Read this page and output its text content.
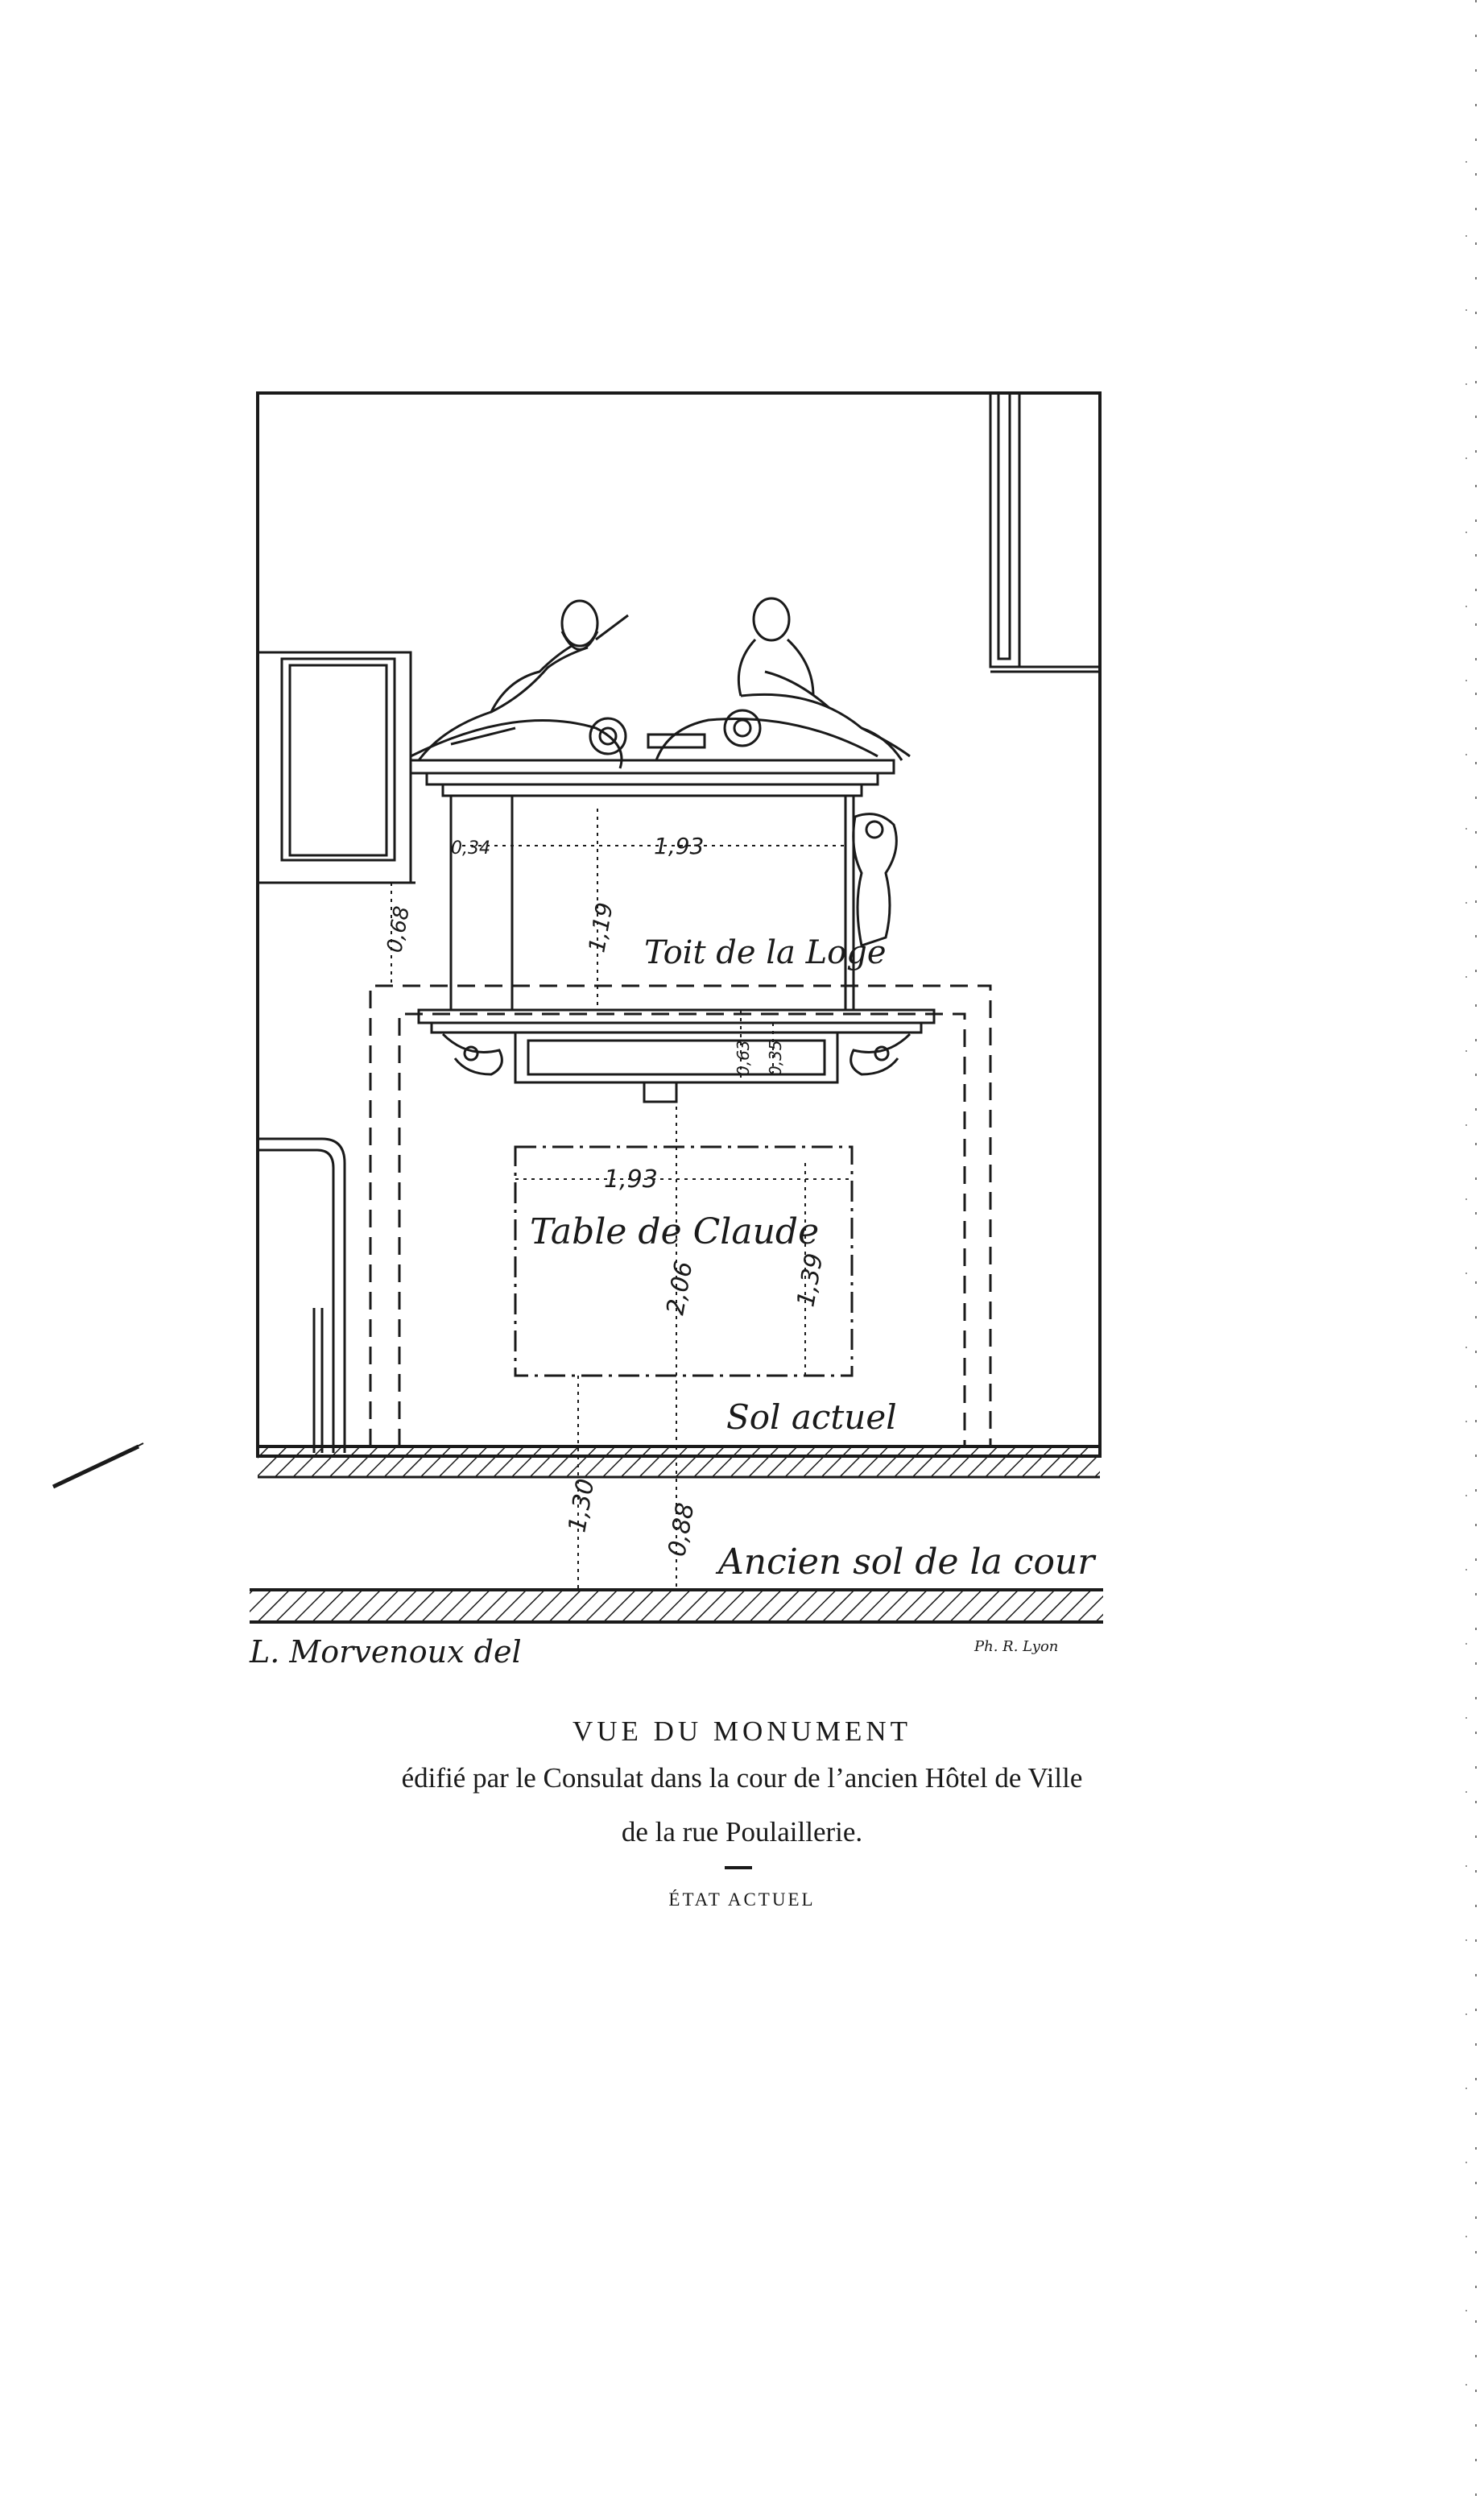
Toit de la Loge
Table de Claude
Sol actuel
Ancien sol de la cour
0,34	1,93
1,19
0,68
0,63 0,35
1,93
2,06	1,39
1,30	0,88
L. Morvenoux del	Ph. R. Lyon
VUE DU MONUMENT
édifié par le Consulat dans la cour de l’ancien Hôtel de Ville
de la rue Poulaillerie.
ÉTAT ACTUEL
